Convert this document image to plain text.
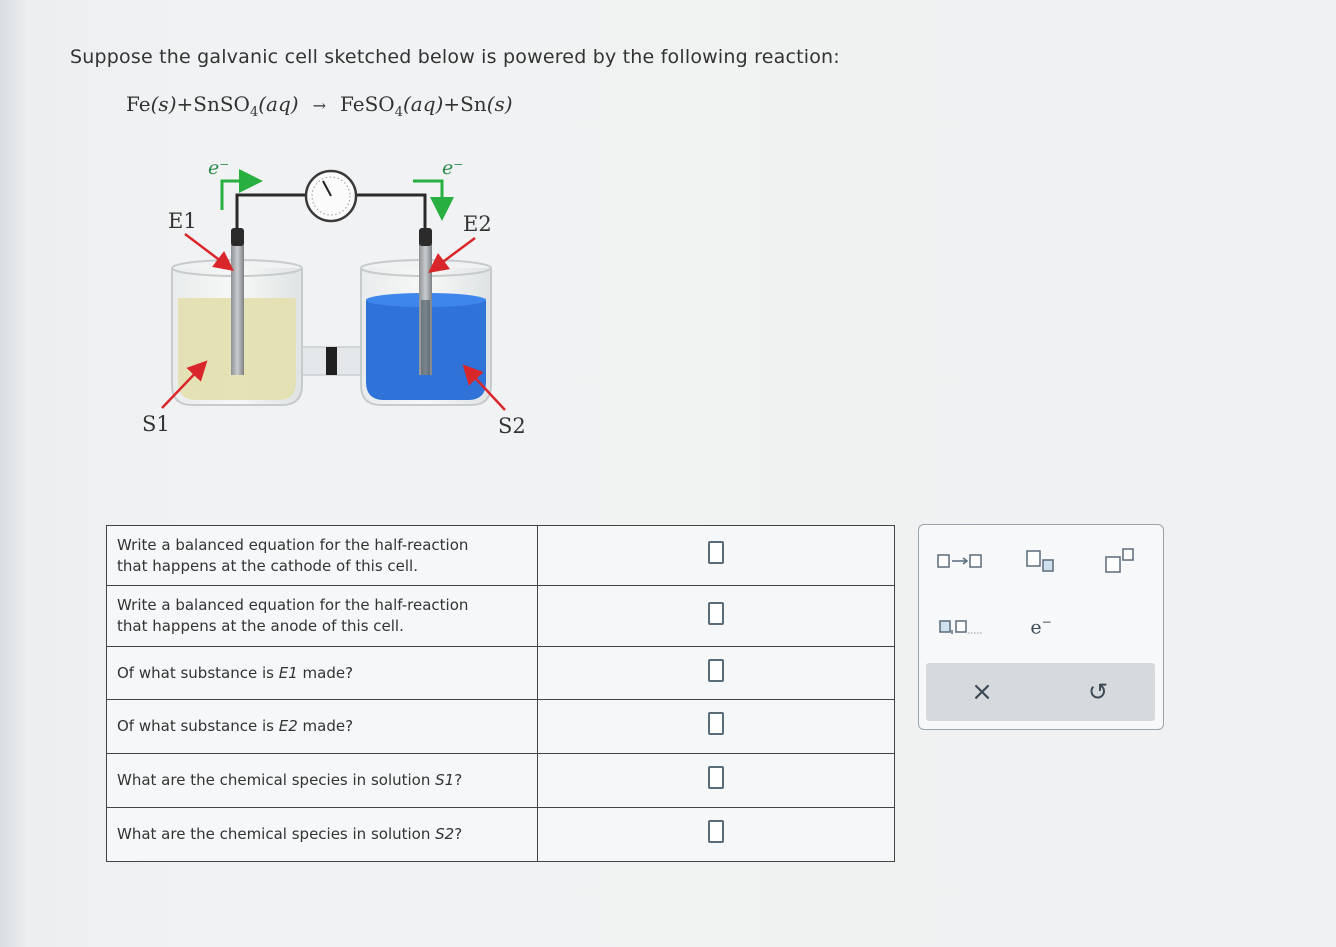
Suppose the galvanic cell sketched below is powered by the following reaction:
Fe(s)+SnSO$_4$(aq) → FeSO$_4$(aq)+Sn(s)
e⁻	e⁻
E1	E2
S1	S2
Write a balanced equation for the half-reaction
that happens at the cathode of this cell.	
Write a balanced equation for the half-reaction
that happens at the anode of this cell.	
Of what substance is E1 made?	
Of what substance is E2 made?	
What are the chemical species in solution S1?	
What are the chemical species in solution S2?	
e−
×	↺
